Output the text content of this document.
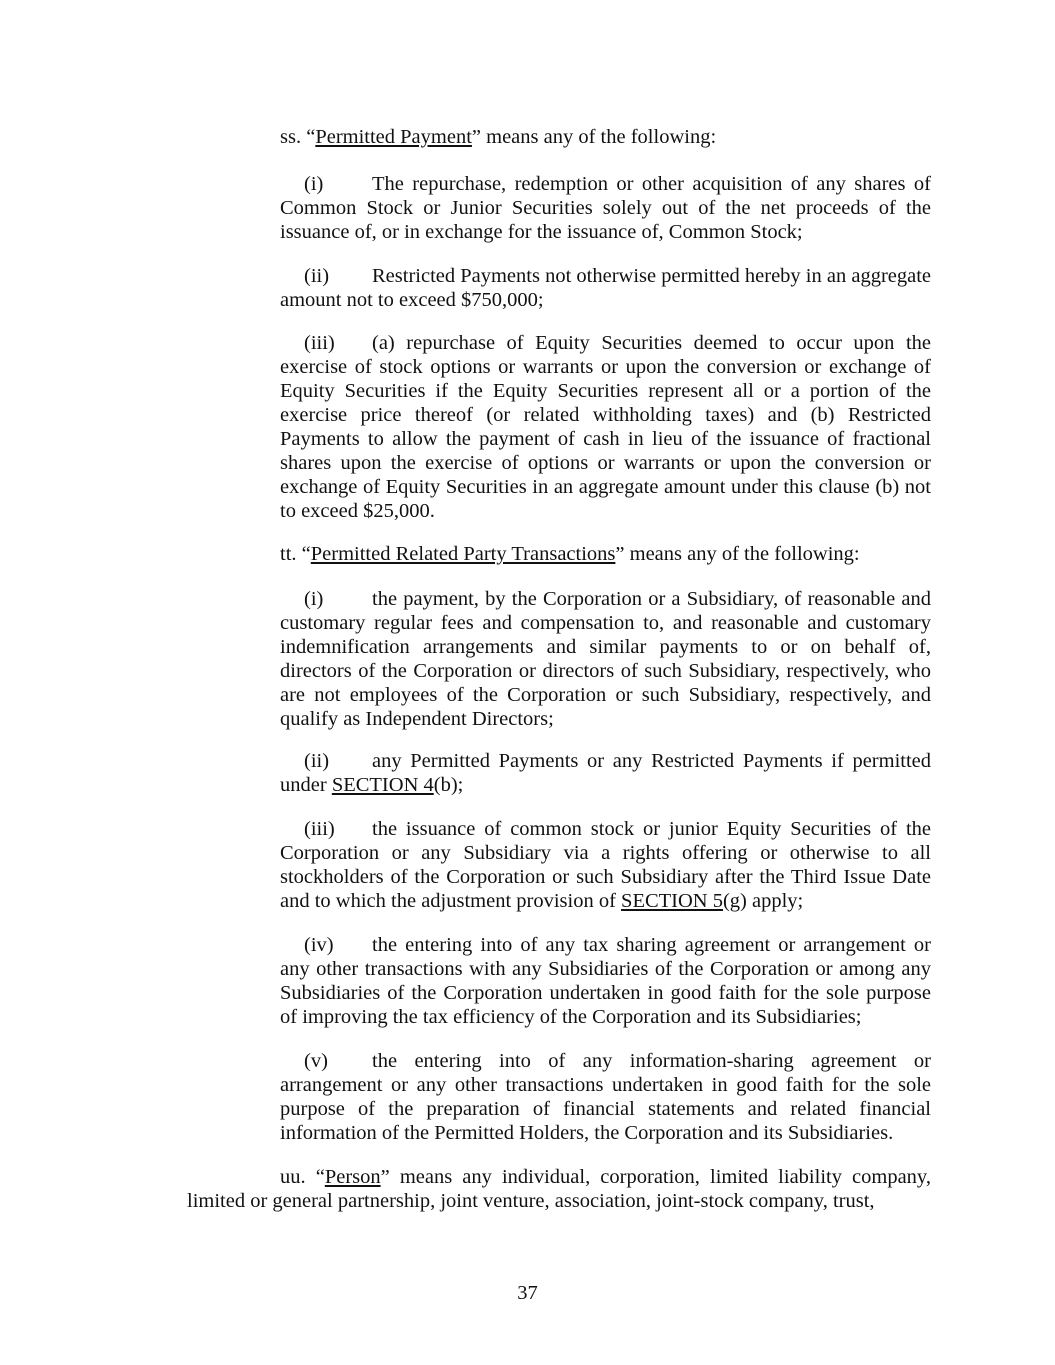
ss. “Permitted Payment” means any of the following:

(i) The repurchase, redemption or other acquisition of any shares of Common Stock or Junior Securities solely out of the net proceeds of the issuance of, or in exchange for the issuance of, Common Stock;

(ii) Restricted Payments not otherwise permitted hereby in an aggregate amount not to exceed $750,000;

(iii) (a) repurchase of Equity Securities deemed to occur upon the exercise of stock options or warrants or upon the conversion or exchange of Equity Securities if the Equity Securities represent all or a portion of the exercise price thereof (or related withholding taxes) and (b) Restricted Payments to allow the payment of cash in lieu of the issuance of fractional shares upon the exercise of options or warrants or upon the conversion or exchange of Equity Securities in an aggregate amount under this clause (b) not to exceed $25,000.

tt. “Permitted Related Party Transactions” means any of the following:

(i) the payment, by the Corporation or a Subsidiary, of reasonable and customary regular fees and compensation to, and reasonable and customary indemnification arrangements and similar payments to or on behalf of, directors of the Corporation or directors of such Subsidiary, respectively, who are not employees of the Corporation or such Subsidiary, respectively, and qualify as Independent Directors;

(ii) any Permitted Payments or any Restricted Payments if permitted under SECTION 4(b);

(iii) the issuance of common stock or junior Equity Securities of the Corporation or any Subsidiary via a rights offering or otherwise to all stockholders of the Corporation or such Subsidiary after the Third Issue Date and to which the adjustment provision of SECTION 5(g) apply;

(iv) the entering into of any tax sharing agreement or arrangement or any other transactions with any Subsidiaries of the Corporation or among any Subsidiaries of the Corporation undertaken in good faith for the sole purpose of improving the tax efficiency of the Corporation and its Subsidiaries;

(v) the entering into of any information-sharing agreement or arrangement or any other transactions undertaken in good faith for the sole purpose of the preparation of financial statements and related financial information of the Permitted Holders, the Corporation and its Subsidiaries.

uu. “Person” means any individual, corporation, limited liability company, limited or general partnership, joint venture, association, joint-stock company, trust,

37
